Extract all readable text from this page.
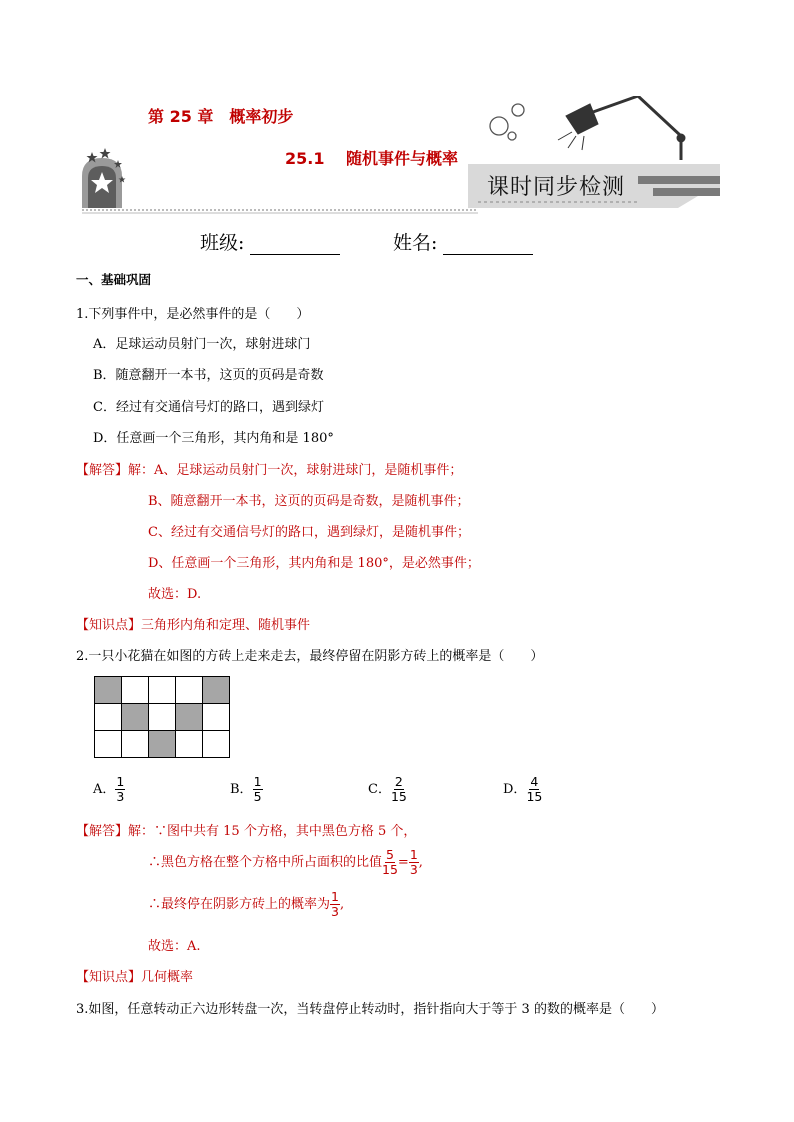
第 25 章　概率初步
25.1　 随机事件与概率
课时同步检测
班级:	姓名:
一、基础巩固
1.下列事件中，是必然事件的是（　　）
A．足球运动员射门一次，球射进球门
B．随意翻开一本书，这页的页码是奇数
C．经过有交通信号灯的路口，遇到绿灯
D．任意画一个三角形，其内角和是 180°
【解答】解：A、足球运动员射门一次，球射进球门，是随机事件；
B、随意翻开一本书，这页的页码是奇数，是随机事件；
C、经过有交通信号灯的路口，遇到绿灯，是随机事件；
D、任意画一个三角形，其内角和是 180°，是必然事件；
故选：D.
【知识点】三角形内角和定理、随机事件
2.一只小花猫在如图的方砖上走来走去，最终停留在阴影方砖上的概率是（　　）

A． $\frac{1}{3}$	B． $\frac{1}{5}$	C． $\frac{2}{15}$	D． $\frac{4}{15}$
【解答】解：∵图中共有 15 个方格，其中黑色方格 5 个，
∴黑色方格在整个方格中所占面积的比值 $\frac{5}{15} = \frac{1}{3}$ ,
∴最终停在阴影方砖上的概率为 $\frac{1}{3}$ ,
故选：A.
【知识点】几何概率
3.如图，任意转动正六边形转盘一次，当转盘停止转动时，指针指向大于等于 3 的数的概率是（　　）
